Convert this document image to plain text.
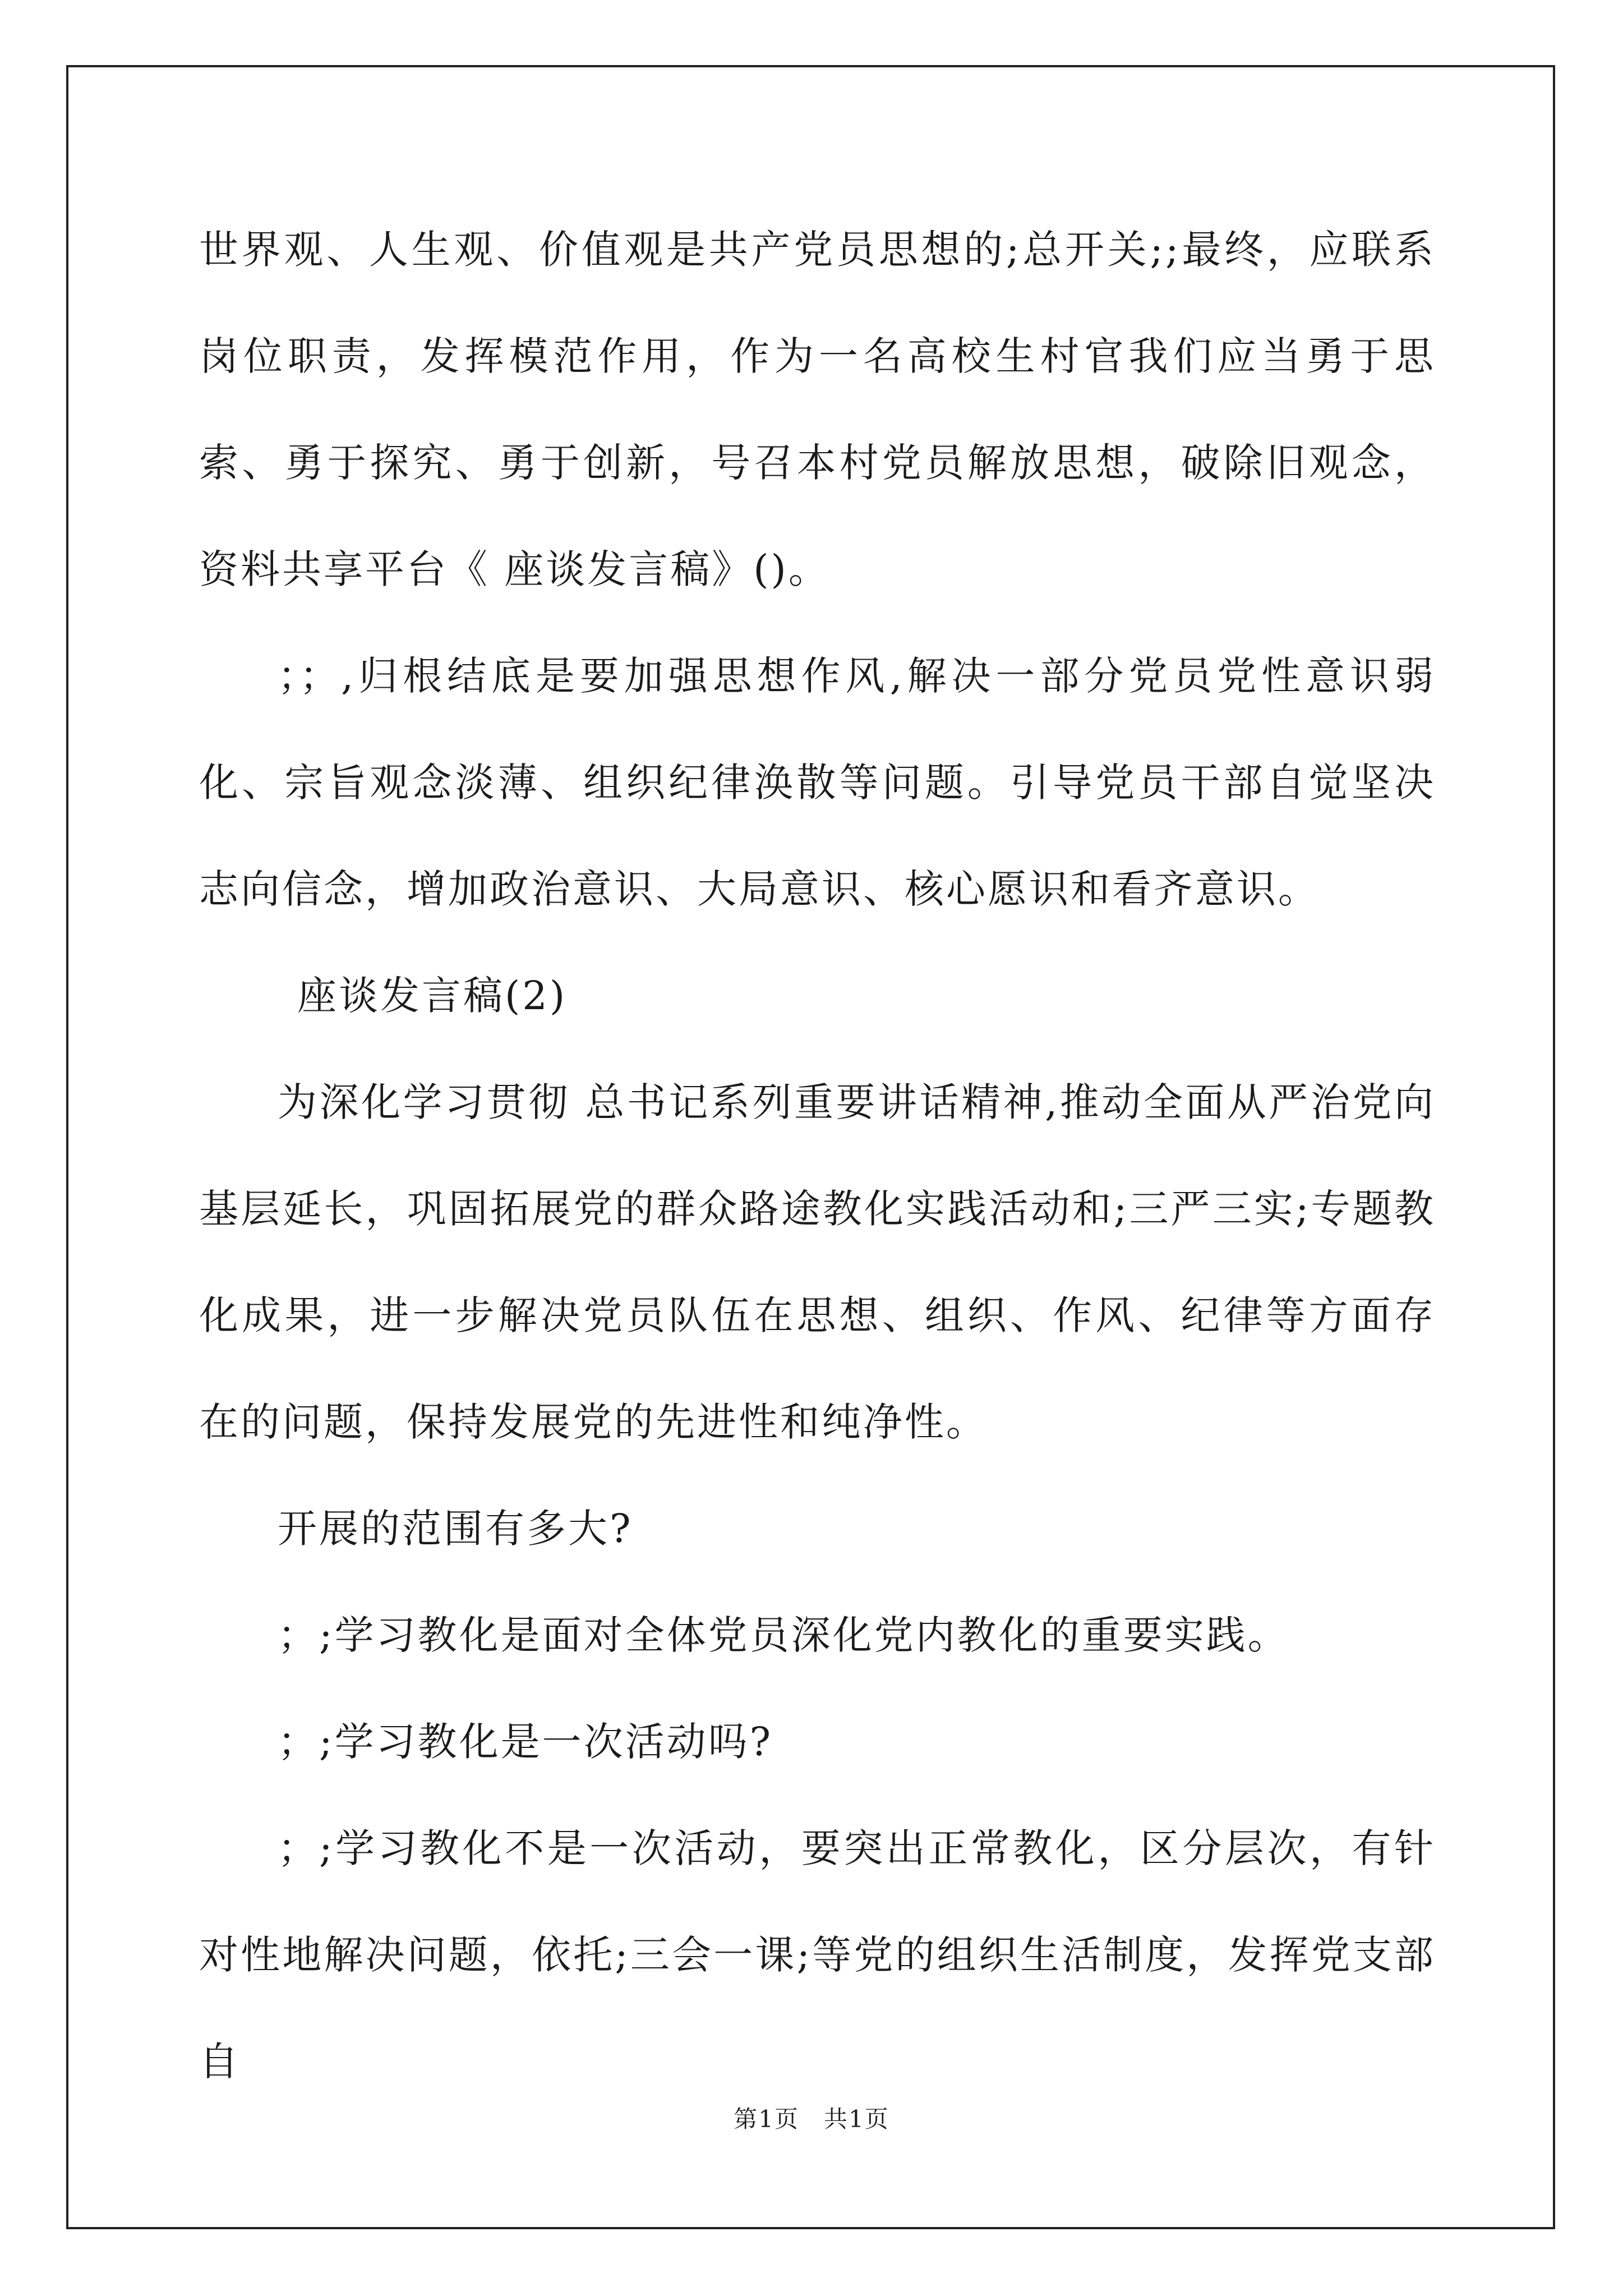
世界观、人生观、价值观是共产党员思想的;总开关;;最终，应联系岗位职责，发挥模范作用，作为一名高校生村官我们应当勇于思索、勇于探究、勇于创新，号召本村党员解放思想，破除旧观念，资料共享平台《 座谈发言稿》()。

；；,归根结底是要加强思想作风,解决一部分党员党性意识弱化、宗旨观念淡薄、组织纪律涣散等问题。引导党员干部自觉坚决志向信念，增加政治意识、大局意识、核心愿识和看齐意识。

座谈发言稿(2)

为深化学习贯彻 总书记系列重要讲话精神,推动全面从严治党向基层延长，巩固拓展党的群众路途教化实践活动和;三严三实;专题教化成果，进一步解决党员队伍在思想、组织、作风、纪律等方面存在的问题，保持发展党的先进性和纯净性。

开展的范围有多大?

；;学习教化是面对全体党员深化党内教化的重要实践。

；;学习教化是一次活动吗?

；;学习教化不是一次活动，要突出正常教化，区分层次，有针对性地解决问题，依托;三会一课;等党的组织生活制度，发挥党支部自

第1页　共1页
